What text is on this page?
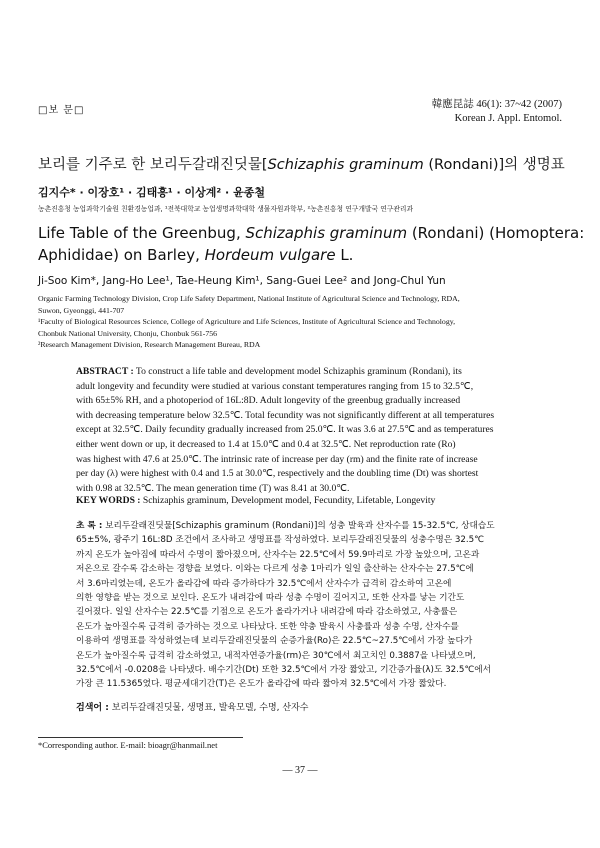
□보 문□
韓應昆誌 46(1): 37~42 (2007)
Korean J. Appl. Entomol.
보리를 기주로 한 보리두갈래진딧물[Schizaphis graminum (Rondani)]의 생명표
김지수* · 이장호¹ · 김태흥¹ · 이상계² · 윤종철
농촌진흥청 농업과학기술원 친환경농업과, ¹전북대학교 농업생명과학대학 생물자원과학부, ²농촌진흥청 연구개발국 연구관리과
Life Table of the Greenbug, Schizaphis graminum (Rondani) (Homoptera:
Aphididae) on Barley, Hordeum vulgare L.
Ji-Soo Kim*, Jang-Ho Lee¹, Tae-Heung Kim¹, Sang-Guei Lee² and Jong-Chul Yun
Organic Farming Technology Division, Crop Life Safety Department, National Institute of Agricultural Science and Technology, RDA,
Suwon, Gyeonggi, 441-707
¹Faculty of Biological Resources Science, College of Agriculture and Life Sciences, Institute of Agricultural Science and Technology,
Chonbuk National University, Chonju, Chonbuk 561-756
²Research Management Division, Research Management Bureau, RDA
ABSTRACT : To construct a life table and development model Schizaphis graminum (Rondani), its
adult longevity and fecundity were studied at various constant temperatures ranging from 15 to 32.5℃,
with 65±5% RH, and a photoperiod of 16L:8D. Adult longevity of the greenbug gradually increased
with decreasing temperature below 32.5℃. Total fecundity was not significantly different at all temperatures
except at 32.5℃. Daily fecundity gradually increased from 25.0℃. It was 3.6 at 27.5℃ and as temperatures
either went down or up, it decreased to 1.4 at 15.0℃ and 0.4 at 32.5℃. Net reproduction rate (Ro)
was highest with 47.6 at 25.0℃. The intrinsic rate of increase per day (rm) and the finite rate of increase
per day (λ) were highest with 0.4 and 1.5 at 30.0℃, respectively and the doubling time (Dt) was shortest
with 0.98 at 32.5℃. The mean generation time (T) was 8.41 at 30.0℃.
KEY WORDS : Schizaphis graminum, Development model, Fecundity, Lifetable, Longevity
초 록 : 보리두갈래진딧물[Schizaphis graminum (Rondani)]의 성충 발육과 산자수를 15-32.5℃, 상대습도
65±5%, 광주기 16L:8D 조건에서 조사하고 생명표를 작성하였다. 보리두갈래진딧물의 성충수명은 32.5℃
까지 온도가 높아짐에 따라서 수명이 짧아졌으며, 산자수는 22.5℃에서 59.9마리로 가장 높았으며, 고온과
저온으로 갈수록 감소하는 경향을 보였다. 이와는 다르게 성충 1마리가 일일 출산하는 산자수는 27.5℃에
서 3.6마리였는데, 온도가 올라감에 따라 증가하다가 32.5℃에서 산자수가 급격히 감소하여 고온에
의한 영향을 받는 것으로 보인다. 온도가 내려감에 따라 성충 수명이 길어지고, 또한 산자를 낳는 기간도
길어졌다. 일일 산자수는 22.5℃를 기점으로 온도가 올라가거나 내려감에 따라 감소하였고, 사충률은
온도가 높아질수록 급격히 증가하는 것으로 나타났다. 또한 약충 발육시 사충률과 성충 수명, 산자수를
이용하여 생명표를 작성하였는데 보리두갈래진딧물의 순증가율(Ro)은 22.5℃~27.5℃에서 가장 높다가
온도가 높아질수록 급격히 감소하였고, 내적자연증가율(rm)은 30℃에서 최고치인 0.3887을 나타냈으며,
32.5℃에서 -0.0208을 나타냈다. 배수기간(Dt) 또한 32.5℃에서 가장 짧았고, 기간증가율(λ)도 32.5℃에서
가장 큰 11.5365였다. 평균세대기간(T)은 온도가 올라감에 따라 짧아져 32.5℃에서 가장 짧았다.
검색어 : 보리두갈래진딧물, 생명표, 발육모델, 수명, 산자수
*Corresponding author. E-mail: bioagr@hanmail.net
— 37 —
